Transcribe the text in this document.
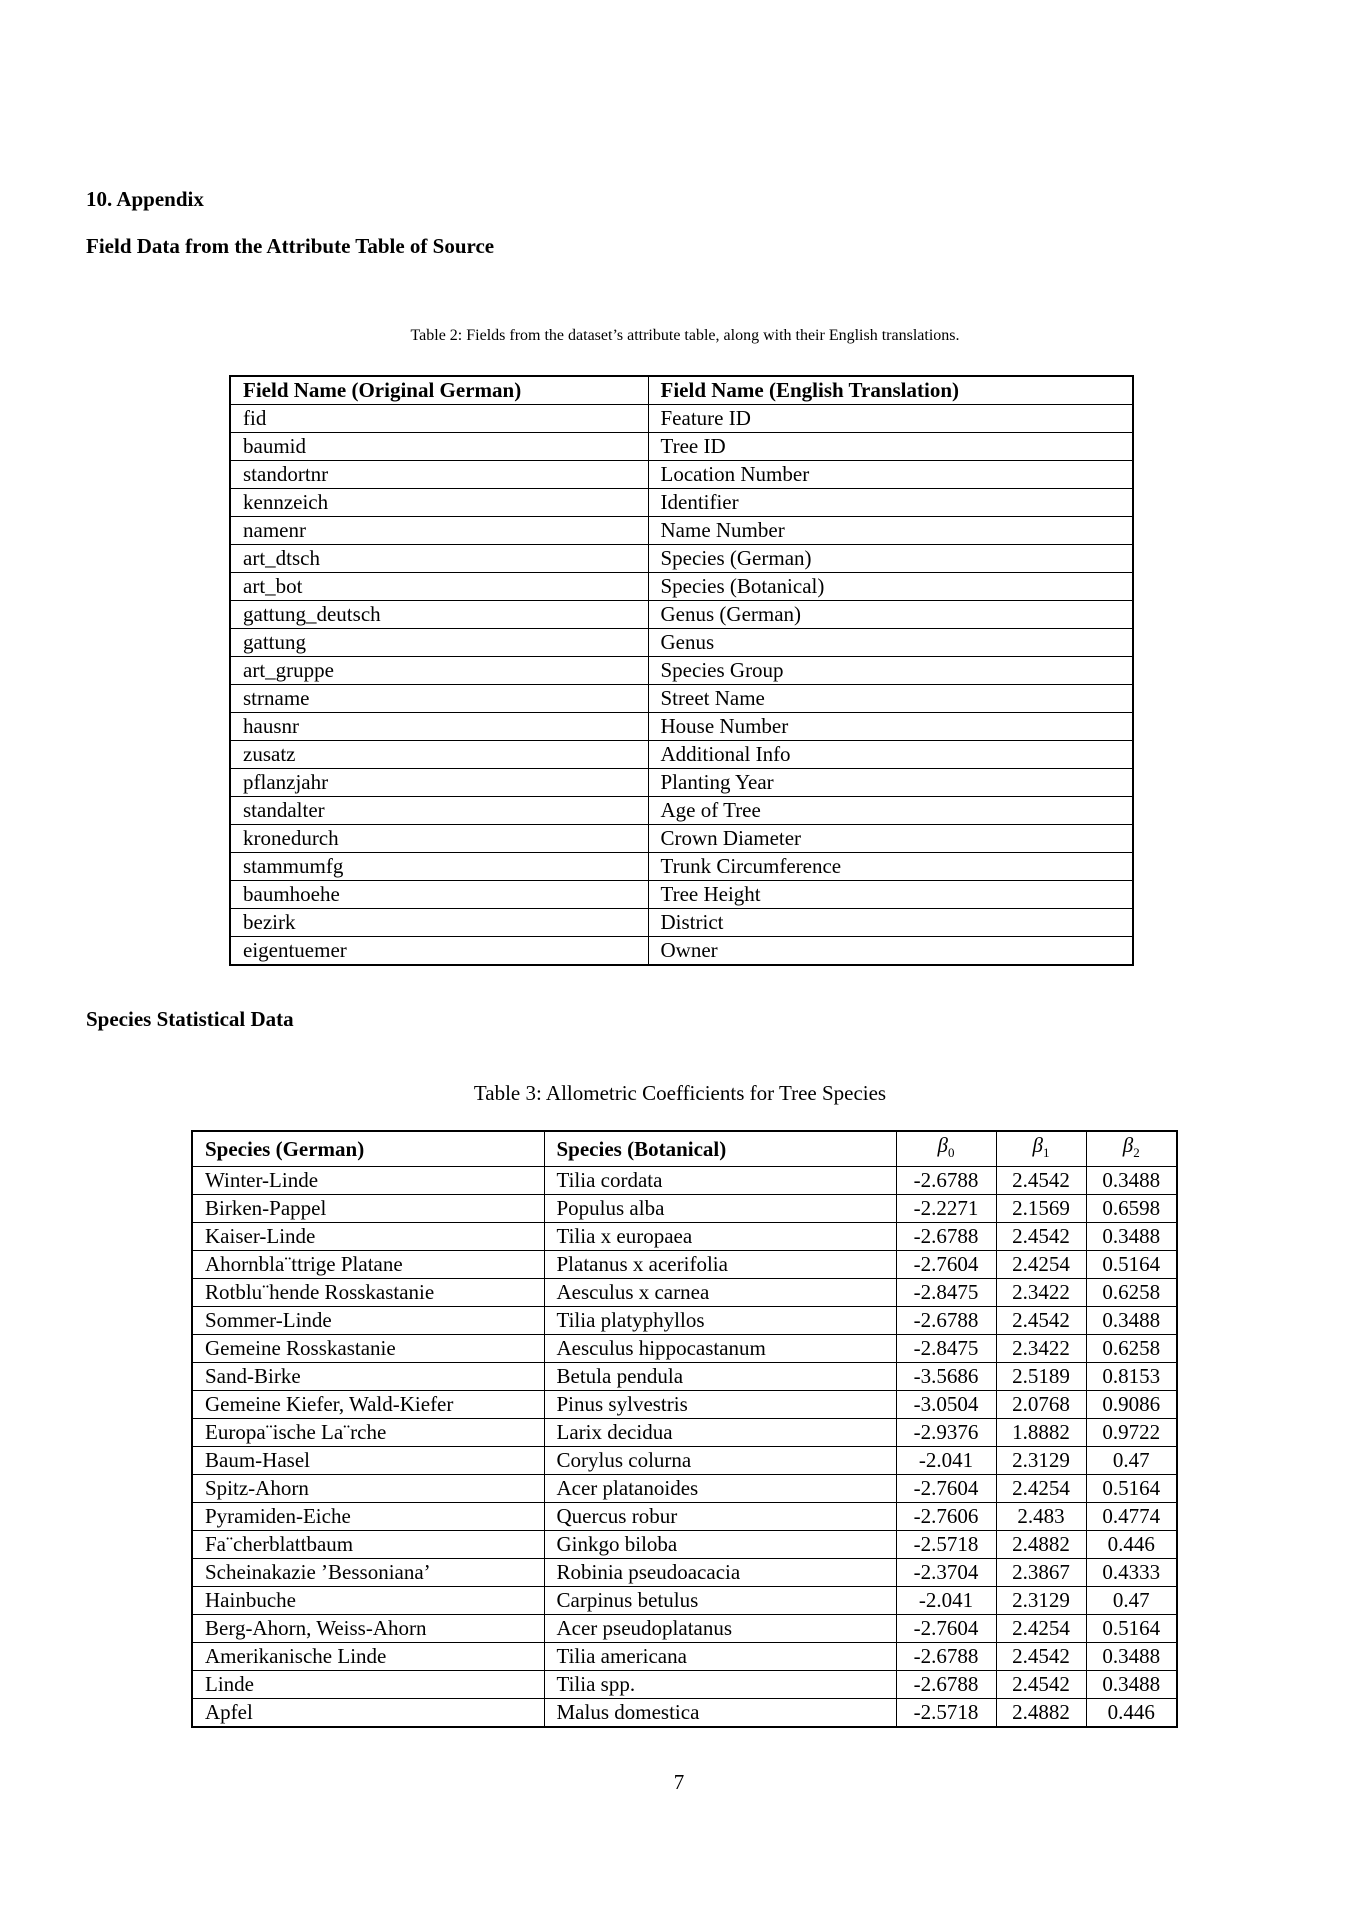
10. Appendix
Field Data from the Attribute Table of Source

Table 2: Fields from the dataset’s attribute table, along with their English translations.

Field Name (Original German)	Field Name (English Translation)
fid	Feature ID
baumid	Tree ID
standortnr	Location Number
kennzeich	Identifier
namenr	Name Number
art_dtsch	Species (German)
art_bot	Species (Botanical)
gattung_deutsch	Genus (German)
gattung	Genus
art_gruppe	Species Group
strname	Street Name
hausnr	House Number
zusatz	Additional Info
pflanzjahr	Planting Year
standalter	Age of Tree
kronedurch	Crown Diameter
stammumfg	Trunk Circumference
baumhoehe	Tree Height
bezirk	District
eigentuemer	Owner
Species Statistical Data

Table 3: Allometric Coefficients for Tree Species

Species (German)	Species (Botanical)	$\beta_0$	$\beta_1$	$\beta_2$
Winter-Linde	Tilia cordata	-2.6788	2.4542	0.3488
Birken-Pappel	Populus alba	-2.2271	2.1569	0.6598
Kaiser-Linde	Tilia x europaea	-2.6788	2.4542	0.3488
Ahornbla¨ttrige Platane	Platanus x acerifolia	-2.7604	2.4254	0.5164
Rotblu¨hende Rosskastanie	Aesculus x carnea	-2.8475	2.3422	0.6258
Sommer-Linde	Tilia platyphyllos	-2.6788	2.4542	0.3488
Gemeine Rosskastanie	Aesculus hippocastanum	-2.8475	2.3422	0.6258
Sand-Birke	Betula pendula	-3.5686	2.5189	0.8153
Gemeine Kiefer, Wald-Kiefer	Pinus sylvestris	-3.0504	2.0768	0.9086
Europa¨ische La¨rche	Larix decidua	-2.9376	1.8882	0.9722
Baum-Hasel	Corylus colurna	-2.041	2.3129	0.47
Spitz-Ahorn	Acer platanoides	-2.7604	2.4254	0.5164
Pyramiden-Eiche	Quercus robur	-2.7606	2.483	0.4774
Fa¨cherblattbaum	Ginkgo biloba	-2.5718	2.4882	0.446
Scheinakazie ’Bessoniana’	Robinia pseudoacacia	-2.3704	2.3867	0.4333
Hainbuche	Carpinus betulus	-2.041	2.3129	0.47
Berg-Ahorn, Weiss-Ahorn	Acer pseudoplatanus	-2.7604	2.4254	0.5164
Amerikanische Linde	Tilia americana	-2.6788	2.4542	0.3488
Linde	Tilia spp.	-2.6788	2.4542	0.3488
Apfel	Malus domestica	-2.5718	2.4882	0.446

7
